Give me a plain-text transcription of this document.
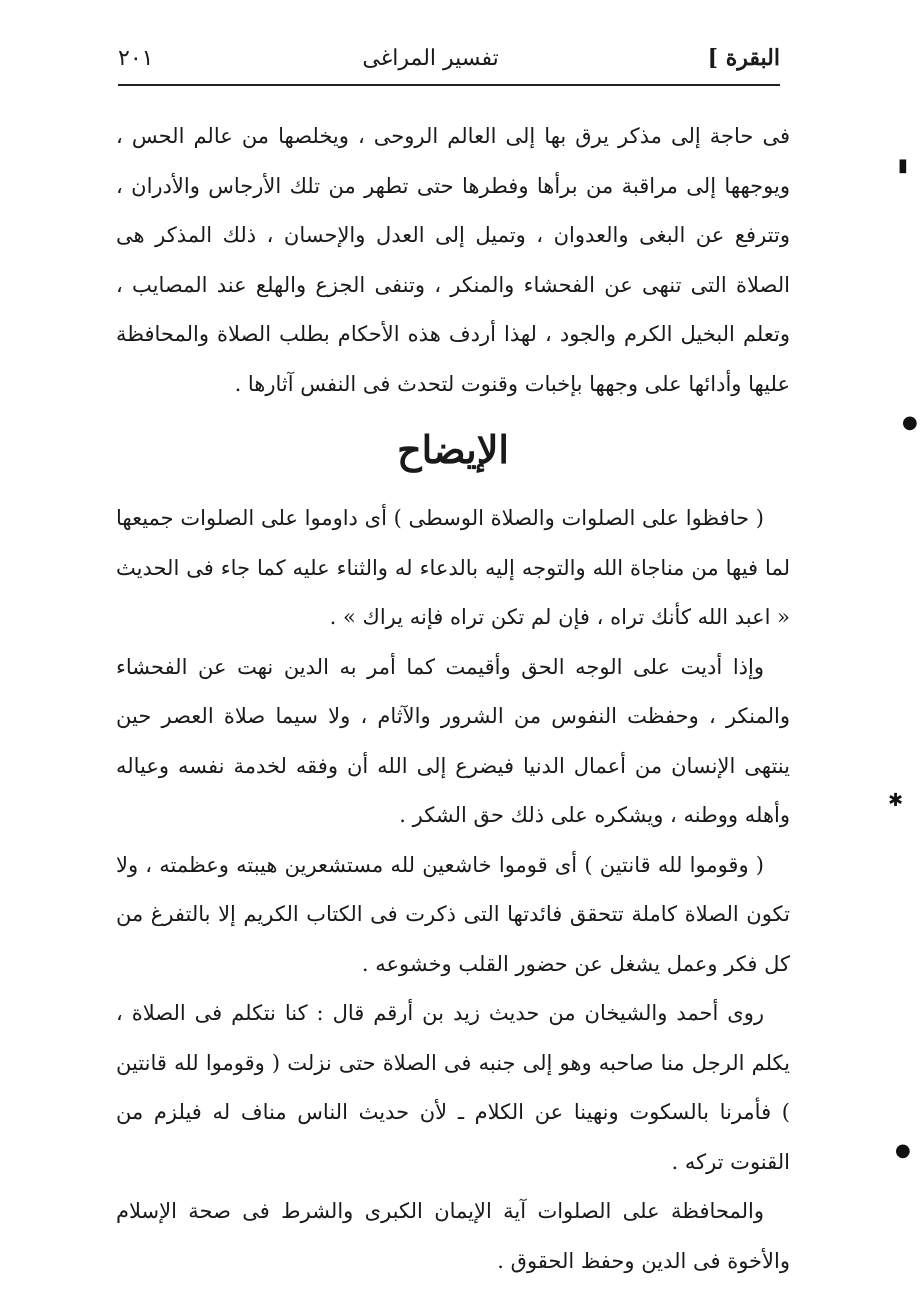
البقرة ]
تفسير المراغى
٢٠١

فى حاجة إلى مذكر يرق بها إلى العالم الروحى ، ويخلصها من عالم الحس ، ويوجهها إلى مراقبة من برأها وفطرها حتى تطهر من تلك الأرجاس والأدران ، وتترفع عن البغى والعدوان ، وتميل إلى العدل والإحسان ، ذلك المذكر هى الصلاة التى تنهى عن الفحشاء والمنكر ، وتنفى الجزع والهلع عند المصايب ، وتعلم البخيل الكرم والجود ، لهذا أردف هذه الأحكام بطلب الصلاة والمحافظة عليها وأدائها على وجهها بإخبات وقنوت لتحدث فى النفس آثارها .

الإيضاح

( حافظوا على الصلوات والصلاة الوسطى ) أى داوموا على الصلوات جميعها لما فيها من مناجاة الله والتوجه إليه بالدعاء له والثناء عليه كما جاء فى الحديث « اعبد الله كأنك تراه ، فإن لم تكن تراه فإنه يراك » .

وإذا أديت على الوجه الحق وأقيمت كما أمر به الدين نهت عن الفحشاء والمنكر ، وحفظت النفوس من الشرور والآثام ، ولا سيما صلاة العصر حين ينتهى الإنسان من أعمال الدنيا فيضرع إلى الله أن وفقه لخدمة نفسه وعياله وأهله ووطنه ، ويشكره على ذلك حق الشكر .

( وقوموا لله قانتين ) أى قوموا خاشعين لله مستشعرين هيبته وعظمته ، ولا تكون الصلاة كاملة تتحقق فائدتها التى ذكرت فى الكتاب الكريم إلا بالتفرغ من كل فكر وعمل يشغل عن حضور القلب وخشوعه .

روى أحمد والشيخان من حديث زيد بن أرقم قال : كنا نتكلم فى الصلاة ، يكلم الرجل منا صاحبه وهو إلى جنبه فى الصلاة حتى نزلت ( وقوموا لله قانتين ) فأمرنا بالسكوت ونهينا عن الكلام ـ لأن حديث الناس مناف له فيلزم من القنوت تركه .

والمحافظة على الصلوات آية الإيمان الكبرى والشرط فى صحة الإسلام والأخوة فى الدين وحفظ الحقوق .

▮
●
✱
●
